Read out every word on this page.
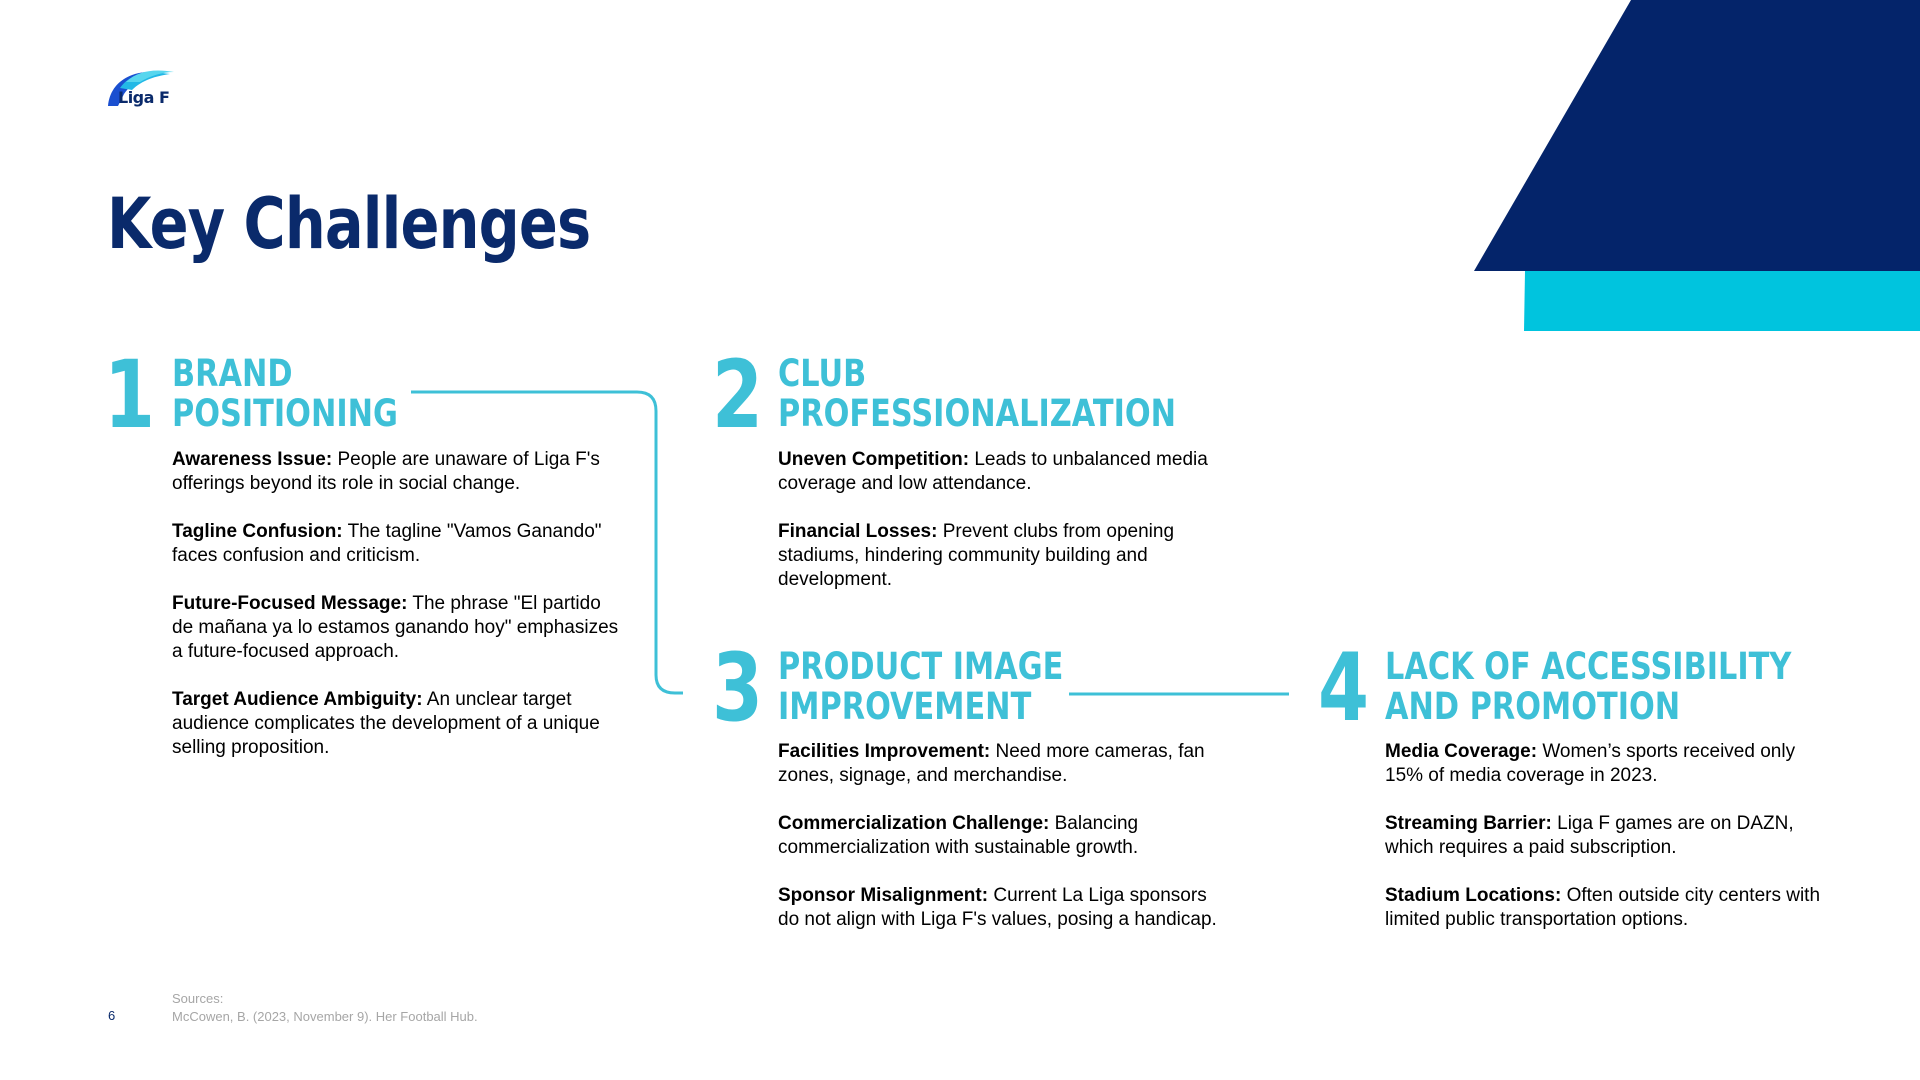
Liga F
Key Challenges
1 BRAND
POSITIONING
Awareness Issue: People are unaware of Liga F's offerings beyond its role in social change.
Tagline Confusion: The tagline "Vamos Ganando" faces confusion and criticism.
Future-Focused Message: The phrase "El partido de mañana ya lo estamos ganando hoy" emphasizes a future-focused approach.
Target Audience Ambiguity: An unclear target audience complicates the development of a unique selling proposition.
2 CLUB
PROFESSIONALIZATION
Uneven Competition: Leads to unbalanced media coverage and low attendance.
Financial Losses: Prevent clubs from opening stadiums, hindering community building and development.
3 PRODUCT IMAGE
IMPROVEMENT
Facilities Improvement: Need more cameras, fan zones, signage, and merchandise.
Commercialization Challenge: Balancing commercialization with sustainable growth.
Sponsor Misalignment: Current La Liga sponsors do not align with Liga F's values, posing a handicap.
4 LACK OF ACCESSIBILITY
AND PROMOTION
Media Coverage: Women’s sports received only 15% of media coverage in 2023.
Streaming Barrier: Liga F games are on DAZN, which requires a paid subscription.
Stadium Locations: Often outside city centers with limited public transportation options.
6
Sources:
McCowen, B. (2023, November 9). Her Football Hub.
